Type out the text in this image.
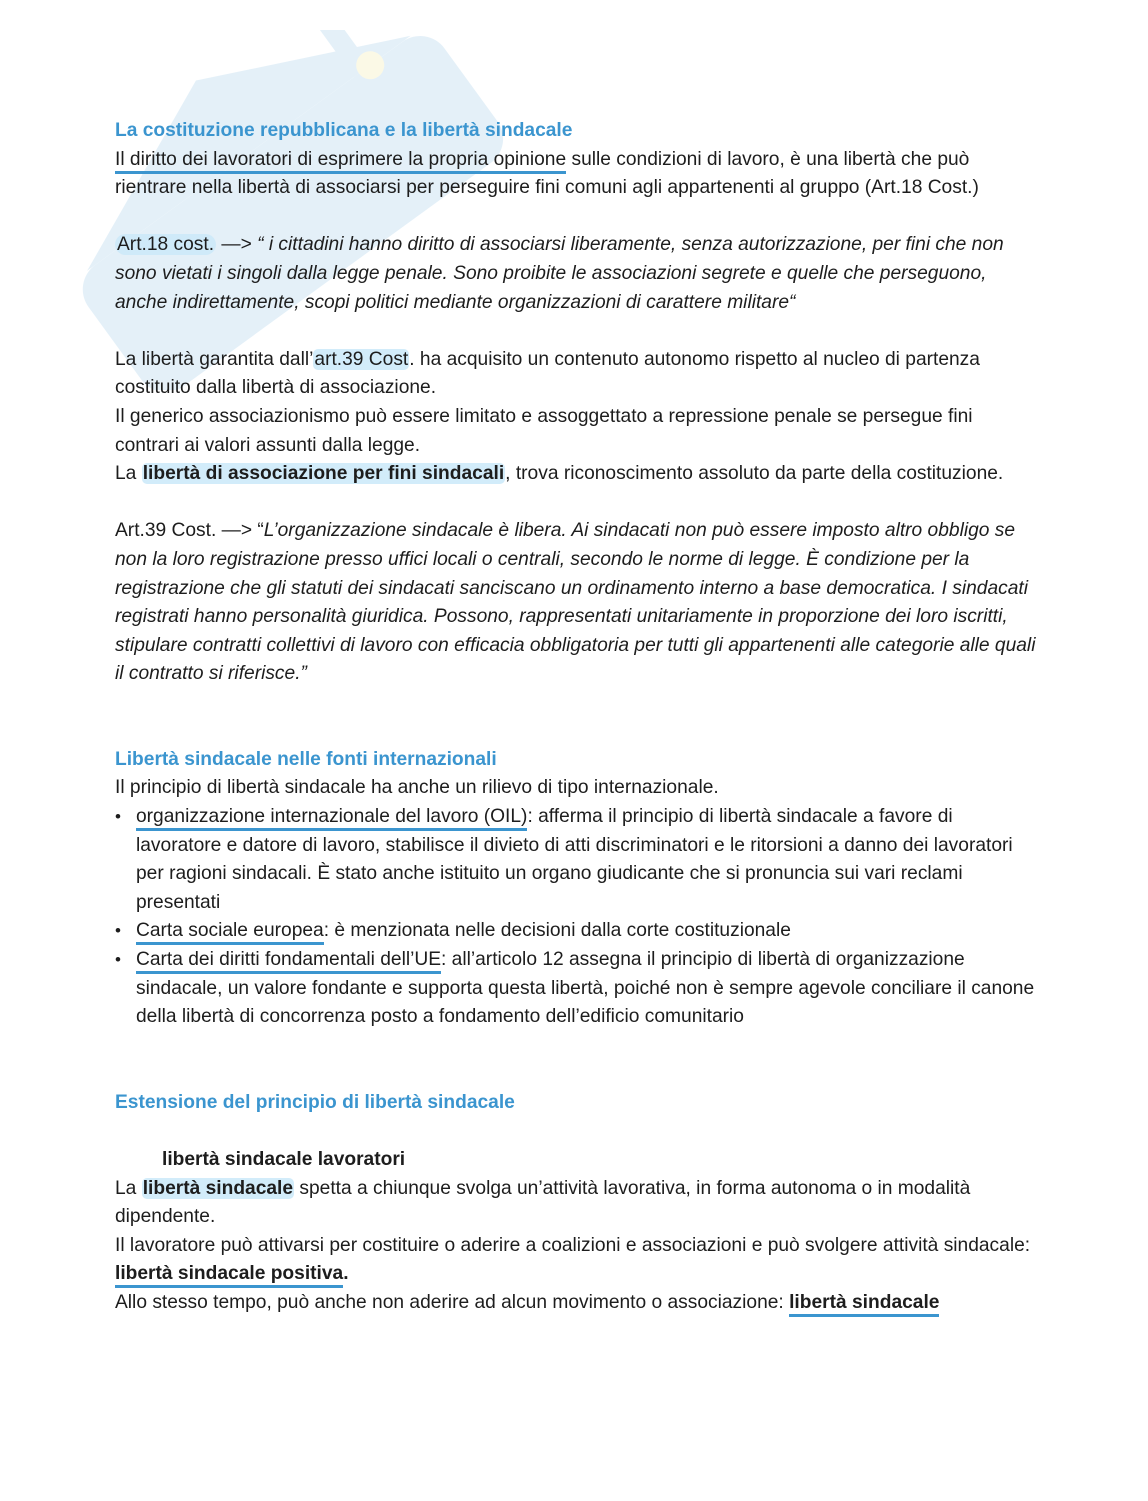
La costituzione repubblicana e la libertà sindacale

Il diritto dei lavoratori di esprimere la propria opinione sulle condizioni di lavoro, è una libertà che può rientrare nella libertà di associarsi per perseguire fini comuni agli appartenenti al gruppo (Art.18 Cost.)

Art.18 cost. —> “ i cittadini hanno diritto di associarsi liberamente, senza autorizzazione, per fini che non sono vietati i singoli dalla legge penale. Sono proibite le associazioni segrete e quelle che perseguono, anche indirettamente, scopi politici mediante organizzazioni di carattere militare“

La libertà garantita dall’art.39 Cost. ha acquisito un contenuto autonomo rispetto al nucleo di partenza costituito dalla libertà di associazione.

Il generico associazionismo può essere limitato e assoggettato a repressione penale se persegue fini contrari ai valori assunti dalla legge.

La libertà di associazione per fini sindacali, trova riconoscimento assoluto da parte della costituzione.

Art.39 Cost. —> “L’organizzazione sindacale è libera. Ai sindacati non può essere imposto altro obbligo se non la loro registrazione presso uffici locali o centrali, secondo le norme di legge. È condizione per la registrazione che gli statuti dei sindacati sanciscano un ordinamento interno a base democratica. I sindacati registrati hanno personalità giuridica. Possono, rappresentati unitariamente in proporzione dei loro iscritti, stipulare contratti collettivi di lavoro con efficacia obbligatoria per tutti gli appartenenti alle categorie alle quali il contratto si riferisce.”

Libertà sindacale nelle fonti internazionali

Il principio di libertà sindacale ha anche un rilievo di tipo internazionale.

• organizzazione internazionale del lavoro (OIL): afferma il principio di libertà sindacale a favore di lavoratore e datore di lavoro, stabilisce il divieto di atti discriminatori e le ritorsioni a danno dei lavoratori per ragioni sindacali. È stato anche istituito un organo giudicante che si pronuncia sui vari reclami presentati
• Carta sociale europea: è menzionata nelle decisioni dalla corte costituzionale
• Carta dei diritti fondamentali dell’UE: all’articolo 12 assegna il principio di libertà di organizzazione sindacale, un valore fondante e supporta questa libertà, poiché non è sempre agevole conciliare il canone della libertà di concorrenza posto a fondamento dell’edificio comunitario

Estensione del principio di libertà sindacale

libertà sindacale lavoratori

La libertà sindacale spetta a chiunque svolga un’attività lavorativa, in forma autonoma o in modalità dipendente.

Il lavoratore può attivarsi per costituire o aderire a coalizioni e associazioni e può svolgere attività sindacale: libertà sindacale positiva.

Allo stesso tempo, può anche non aderire ad alcun movimento o associazione: libertà sindacale
